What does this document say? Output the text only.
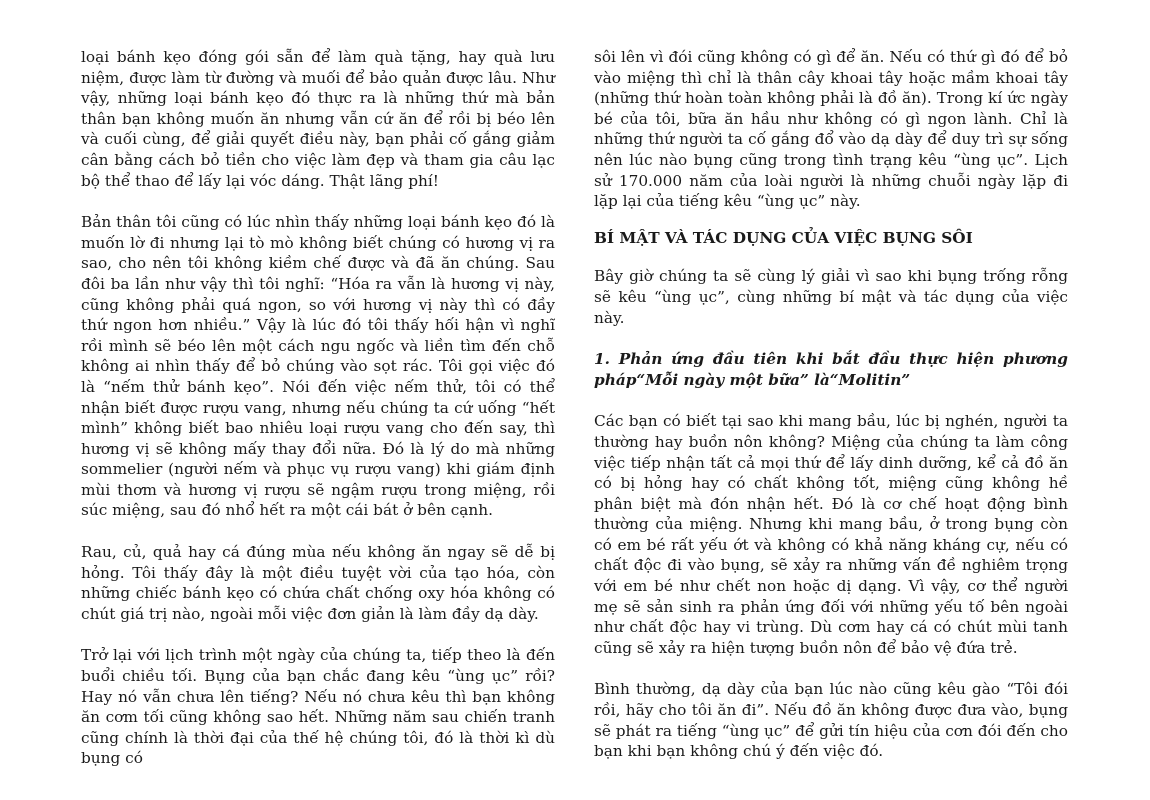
loại bánh kẹo đóng gói sẵn để làm quà tặng, hay quà lưu niệm, được làm từ đường và muối để bảo quản được lâu. Như vậy, những loại bánh kẹo đó thực ra là những thứ mà bản thân bạn không muốn ăn nhưng vẫn cứ ăn để rồi bị béo lên và cuối cùng, để giải quyết điều này, bạn phải cố gắng giảm cân bằng cách bỏ tiền cho việc làm đẹp và tham gia câu lạc bộ thể thao để lấy lại vóc dáng. Thật lãng phí!

Bản thân tôi cũng có lúc nhìn thấy những loại bánh kẹo đó là muốn lờ đi nhưng lại tò mò không biết chúng có hương vị ra sao, cho nên tôi không kiềm chế được và đã ăn chúng. Sau đôi ba lần như vậy thì tôi nghĩ: “Hóa ra vẫn là hương vị này, cũng không phải quá ngon, so với hương vị này thì có đầy thứ ngon hơn nhiều.” Vậy là lúc đó tôi thấy hối hận vì nghĩ rồi mình sẽ béo lên một cách ngu ngốc và liền tìm đến chỗ không ai nhìn thấy để bỏ chúng vào sọt rác. Tôi gọi việc đó là “nếm thử bánh kẹo”. Nói đến việc nếm thử, tôi có thể nhận biết được rượu vang, nhưng nếu chúng ta cứ uống “hết mình” không biết bao nhiêu loại rượu vang cho đến say, thì hương vị sẽ không mấy thay đổi nữa. Đó là lý do mà những sommelier (người nếm và phục vụ rượu vang) khi giám định mùi thơm và hương vị rượu sẽ ngậm rượu trong miệng, rồi súc miệng, sau đó nhổ hết ra một cái bát ở bên cạnh.

Rau, củ, quả hay cá đúng mùa nếu không ăn ngay sẽ dễ bị hỏng. Tôi thấy đây là một điều tuyệt vời của tạo hóa, còn những chiếc bánh kẹo có chứa chất chống oxy hóa không có chút giá trị nào, ngoài mỗi việc đơn giản là làm đầy dạ dày.

Trở lại với lịch trình một ngày của chúng ta, tiếp theo là đến buổi chiều tối. Bụng của bạn chắc đang kêu “ùng ục” rồi? Hay nó vẫn chưa lên tiếng? Nếu nó chưa kêu thì bạn không ăn cơm tối cũng không sao hết. Những năm sau chiến tranh cũng chính là thời đại của thế hệ chúng tôi, đó là thời kì dù bụng có

sôi lên vì đói cũng không có gì để ăn. Nếu có thứ gì đó để bỏ vào miệng thì chỉ là thân cây khoai tây hoặc mầm khoai tây (những thứ hoàn toàn không phải là đồ ăn). Trong kí ức ngày bé của tôi, bữa ăn hầu như không có gì ngon lành. Chỉ là những thứ người ta cố gắng đổ vào dạ dày để duy trì sự sống nên lúc nào bụng cũng trong tình trạng kêu “ùng ục”. Lịch sử 170.000 năm của loài người là những chuỗi ngày lặp đi lặp lại của tiếng kêu “ùng ục” này.

BÍ MẬT VÀ TÁC DỤNG CỦA VIỆC BỤNG SÔI

Bây giờ chúng ta sẽ cùng lý giải vì sao khi bụng trống rỗng sẽ kêu “ùng ục”, cùng những bí mật và tác dụng của việc này.

1. Phản ứng đầu tiên khi bắt đầu thực hiện phương pháp“Mỗi ngày một bữa” là“Molitin”

Các bạn có biết tại sao khi mang bầu, lúc bị nghén, người ta thường hay buồn nôn không? Miệng của chúng ta làm công việc tiếp nhận tất cả mọi thứ để lấy dinh dưỡng, kể cả đồ ăn có bị hỏng hay có chất không tốt, miệng cũng không hề phân biệt mà đón nhận hết. Đó là cơ chế hoạt động bình thường của miệng. Nhưng khi mang bầu, ở trong bụng còn có em bé rất yếu ớt và không có khả năng kháng cự, nếu có chất độc đi vào bụng, sẽ xảy ra những vấn đề nghiêm trọng với em bé như chết non hoặc dị dạng. Vì vậy, cơ thể người mẹ sẽ sản sinh ra phản ứng đối với những yếu tố bên ngoài như chất độc hay vi trùng. Dù cơm hay cá có chút mùi tanh cũng sẽ xảy ra hiện tượng buồn nôn để bảo vệ đứa trẻ.

Bình thường, dạ dày của bạn lúc nào cũng kêu gào “Tôi đói rồi, hãy cho tôi ăn đi”. Nếu đồ ăn không được đưa vào, bụng sẽ phát ra tiếng “ùng ục” để gửi tín hiệu của cơn đói đến cho bạn khi bạn không chú ý đến việc đó.
